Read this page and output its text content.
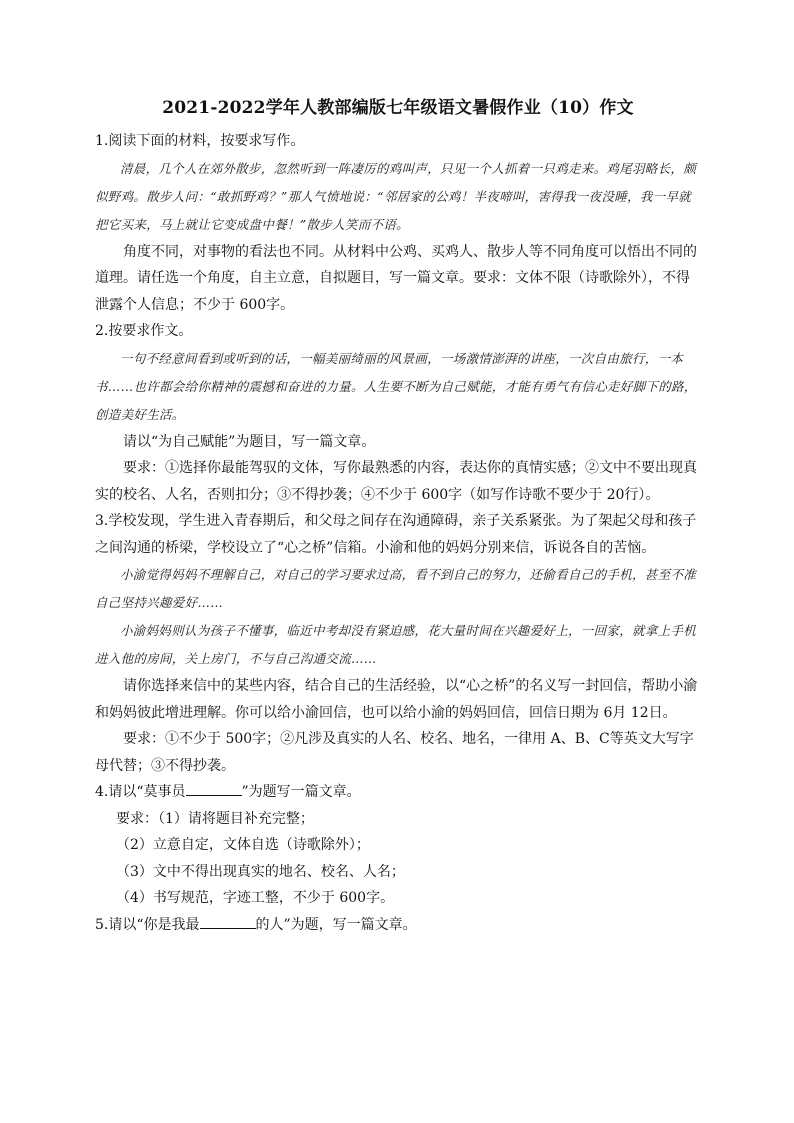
2021-2022学年人教部编版七年级语文暑假作业（10）作文

1.阅读下面的材料，按要求写作。

清晨，几个人在郊外散步，忽然听到一阵凄厉的鸡叫声，只见一个人抓着一只鸡走来。鸡尾羽略长，颇似野鸡。散步人问：“敢抓野鸡？”那人气愤地说：“邻居家的公鸡！半夜啼叫，害得我一夜没睡，我一早就把它买来，马上就让它变成盘中餐！”散步人笑而不语。

角度不同，对事物的看法也不同。从材料中公鸡、买鸡人、散步人等不同角度可以悟出不同的道理。请任选一个角度，自主立意，自拟题目，写一篇文章。要求：文体不限（诗歌除外），不得泄露个人信息；不少于 600字。

2.按要求作文。

一句不经意间看到或听到的话，一幅美丽绮丽的风景画，一场激情澎湃的讲座，一次自由旅行，一本书……也许都会给你精神的震撼和奋进的力量。人生要不断为自己赋能，才能有勇气有信心走好脚下的路，创造美好生活。

请以“为自己赋能”为题目，写一篇文章。

要求：①选择你最能驾驭的文体，写你最熟悉的内容，表达你的真情实感；②文中不要出现真实的校名、人名，否则扣分；③不得抄袭；④不少于 600字（如写作诗歌不要少于 20行）。

3.学校发现，学生进入青春期后，和父母之间存在沟通障碍，亲子关系紧张。为了架起父母和孩子之间沟通的桥梁，学校设立了“心之桥”信箱。小渝和他的妈妈分别来信，诉说各自的苦恼。

小渝觉得妈妈不理解自己，对自己的学习要求过高，看不到自己的努力，还偷看自己的手机，甚至不准自己坚持兴趣爱好……

小渝妈妈则认为孩子不懂事，临近中考却没有紧迫感，花大量时间在兴趣爱好上，一回家，就拿上手机进入他的房间，关上房门，不与自己沟通交流……

请你选择来信中的某些内容，结合自己的生活经验，以“心之桥”的名义写一封回信，帮助小渝和妈妈彼此增进理解。你可以给小渝回信，也可以给小渝的妈妈回信，回信日期为 6月 12日。

要求：①不少于 500字；②凡涉及真实的人名、校名、地名，一律用 A、B、C等英文大写字母代替；③不得抄袭。

4.请以“莫事员	”为题写一篇文章。

要求：（1）请将题目补充完整；

（2）立意自定，文体自选（诗歌除外）；

（3）文中不得出现真实的地名、校名、人名；

（4）书写规范，字迹工整，不少于 600字。

5.请以“你是我最	的人”为题，写一篇文章。
